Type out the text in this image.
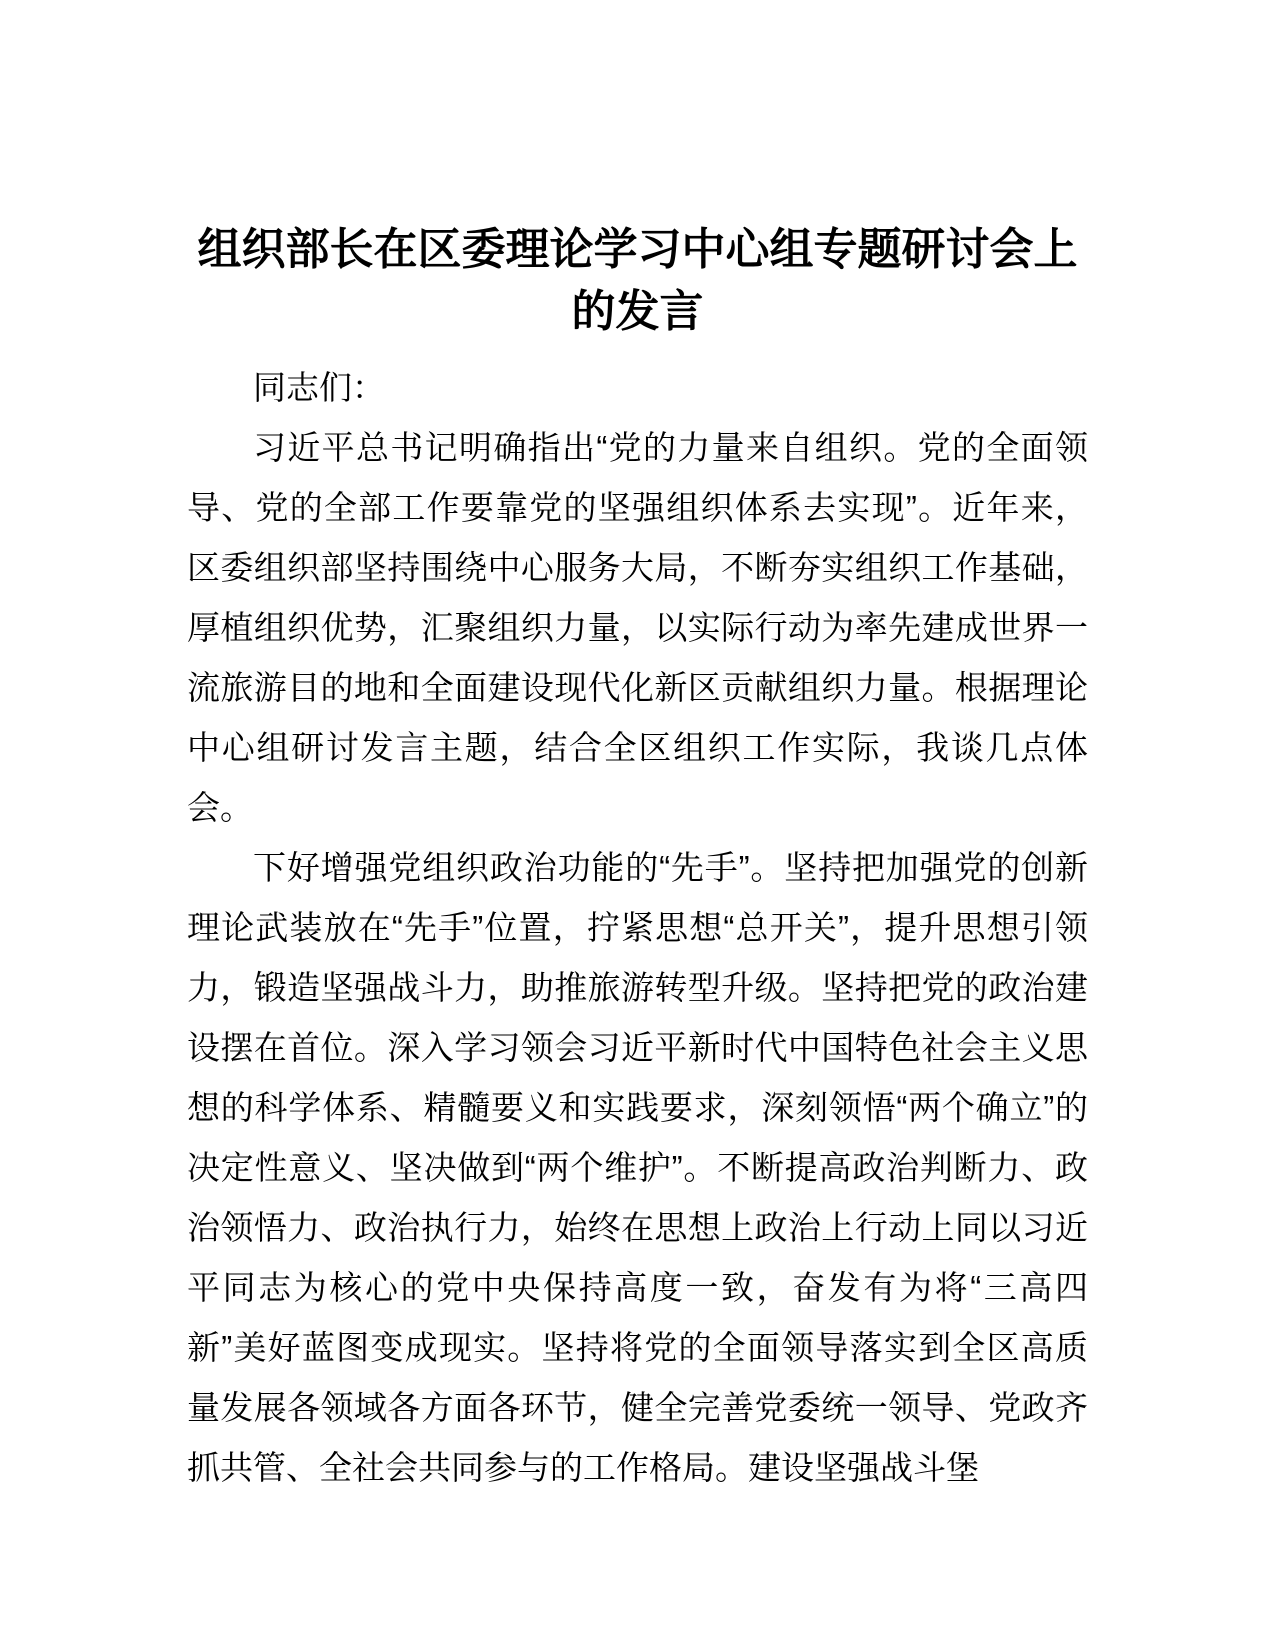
组织部长在区委理论学习中心组专题研讨会上的发言

同志们：

习近平总书记明确指出“党的力量来自组织。党的全面领导、党的全部工作要靠党的坚强组织体系去实现”。近年来，区委组织部坚持围绕中心服务大局，不断夯实组织工作基础，厚植组织优势，汇聚组织力量，以实际行动为率先建成世界一流旅游目的地和全面建设现代化新区贡献组织力量。根据理论中心组研讨发言主题，结合全区组织工作实际，我谈几点体会。

下好增强党组织政治功能的“先手”。坚持把加强党的创新理论武装放在“先手”位置，拧紧思想“总开关”，提升思想引领力，锻造坚强战斗力，助推旅游转型升级。坚持把党的政治建设摆在首位。深入学习领会习近平新时代中国特色社会主义思想的科学体系、精髓要义和实践要求，深刻领悟“两个确立”的决定性意义、坚决做到“两个维护”。不断提高政治判断力、政治领悟力、政治执行力，始终在思想上政治上行动上同以习近平同志为核心的党中央保持高度一致，奋发有为将“三高四新”美好蓝图变成现实。坚持将党的全面领导落实到全区高质量发展各领域各方面各环节，健全完善党委统一领导、党政齐抓共管、全社会共同参与的工作格局。建设坚强战斗堡
